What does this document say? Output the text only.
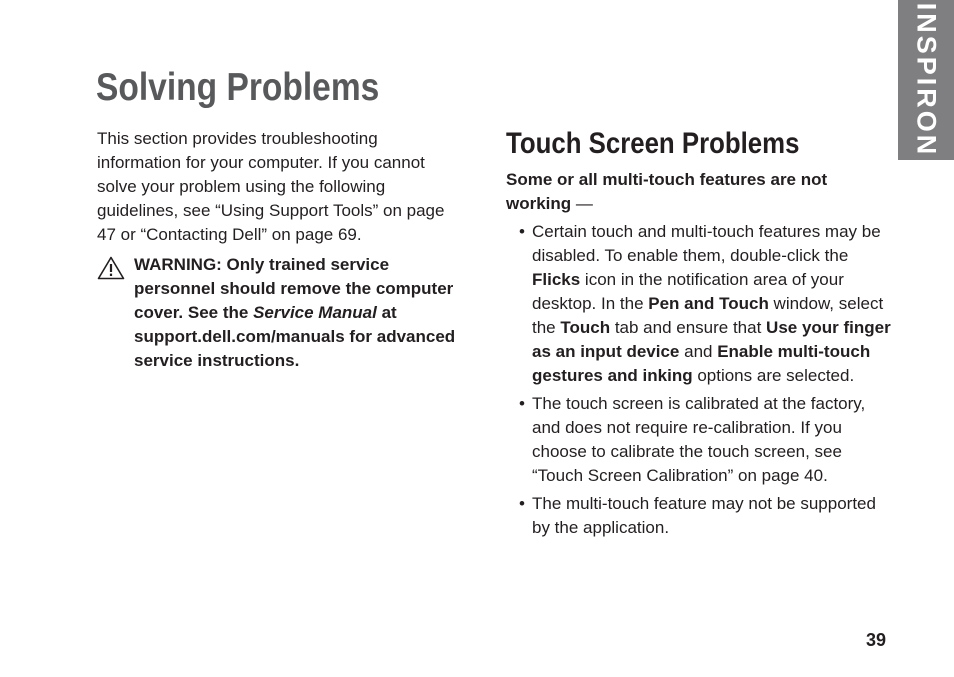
INSPIRON
Solving Problems

This section provides troubleshooting information for your computer. If you cannot solve your problem using the following guidelines, see “Using Support Tools” on page 47 or “Contacting Dell” on page 69.

WARNING: Only trained service personnel should remove the computer cover. See the Service Manual at support.dell.com/manuals for advanced service instructions.
Touch Screen Problems

Some or all multi-touch features are not working —

• Certain touch and multi-touch features may be disabled. To enable them, double-click the Flicks icon in the notification area of your desktop. In the Pen and Touch window, select the Touch tab and ensure that Use your finger as an input device and Enable multi-touch gestures and inking options are selected.
• The touch screen is calibrated at the factory, and does not require re-calibration. If you choose to calibrate the touch screen, see “Touch Screen Calibration” on page 40.
• The multi-touch feature may not be supported by the application.
39
